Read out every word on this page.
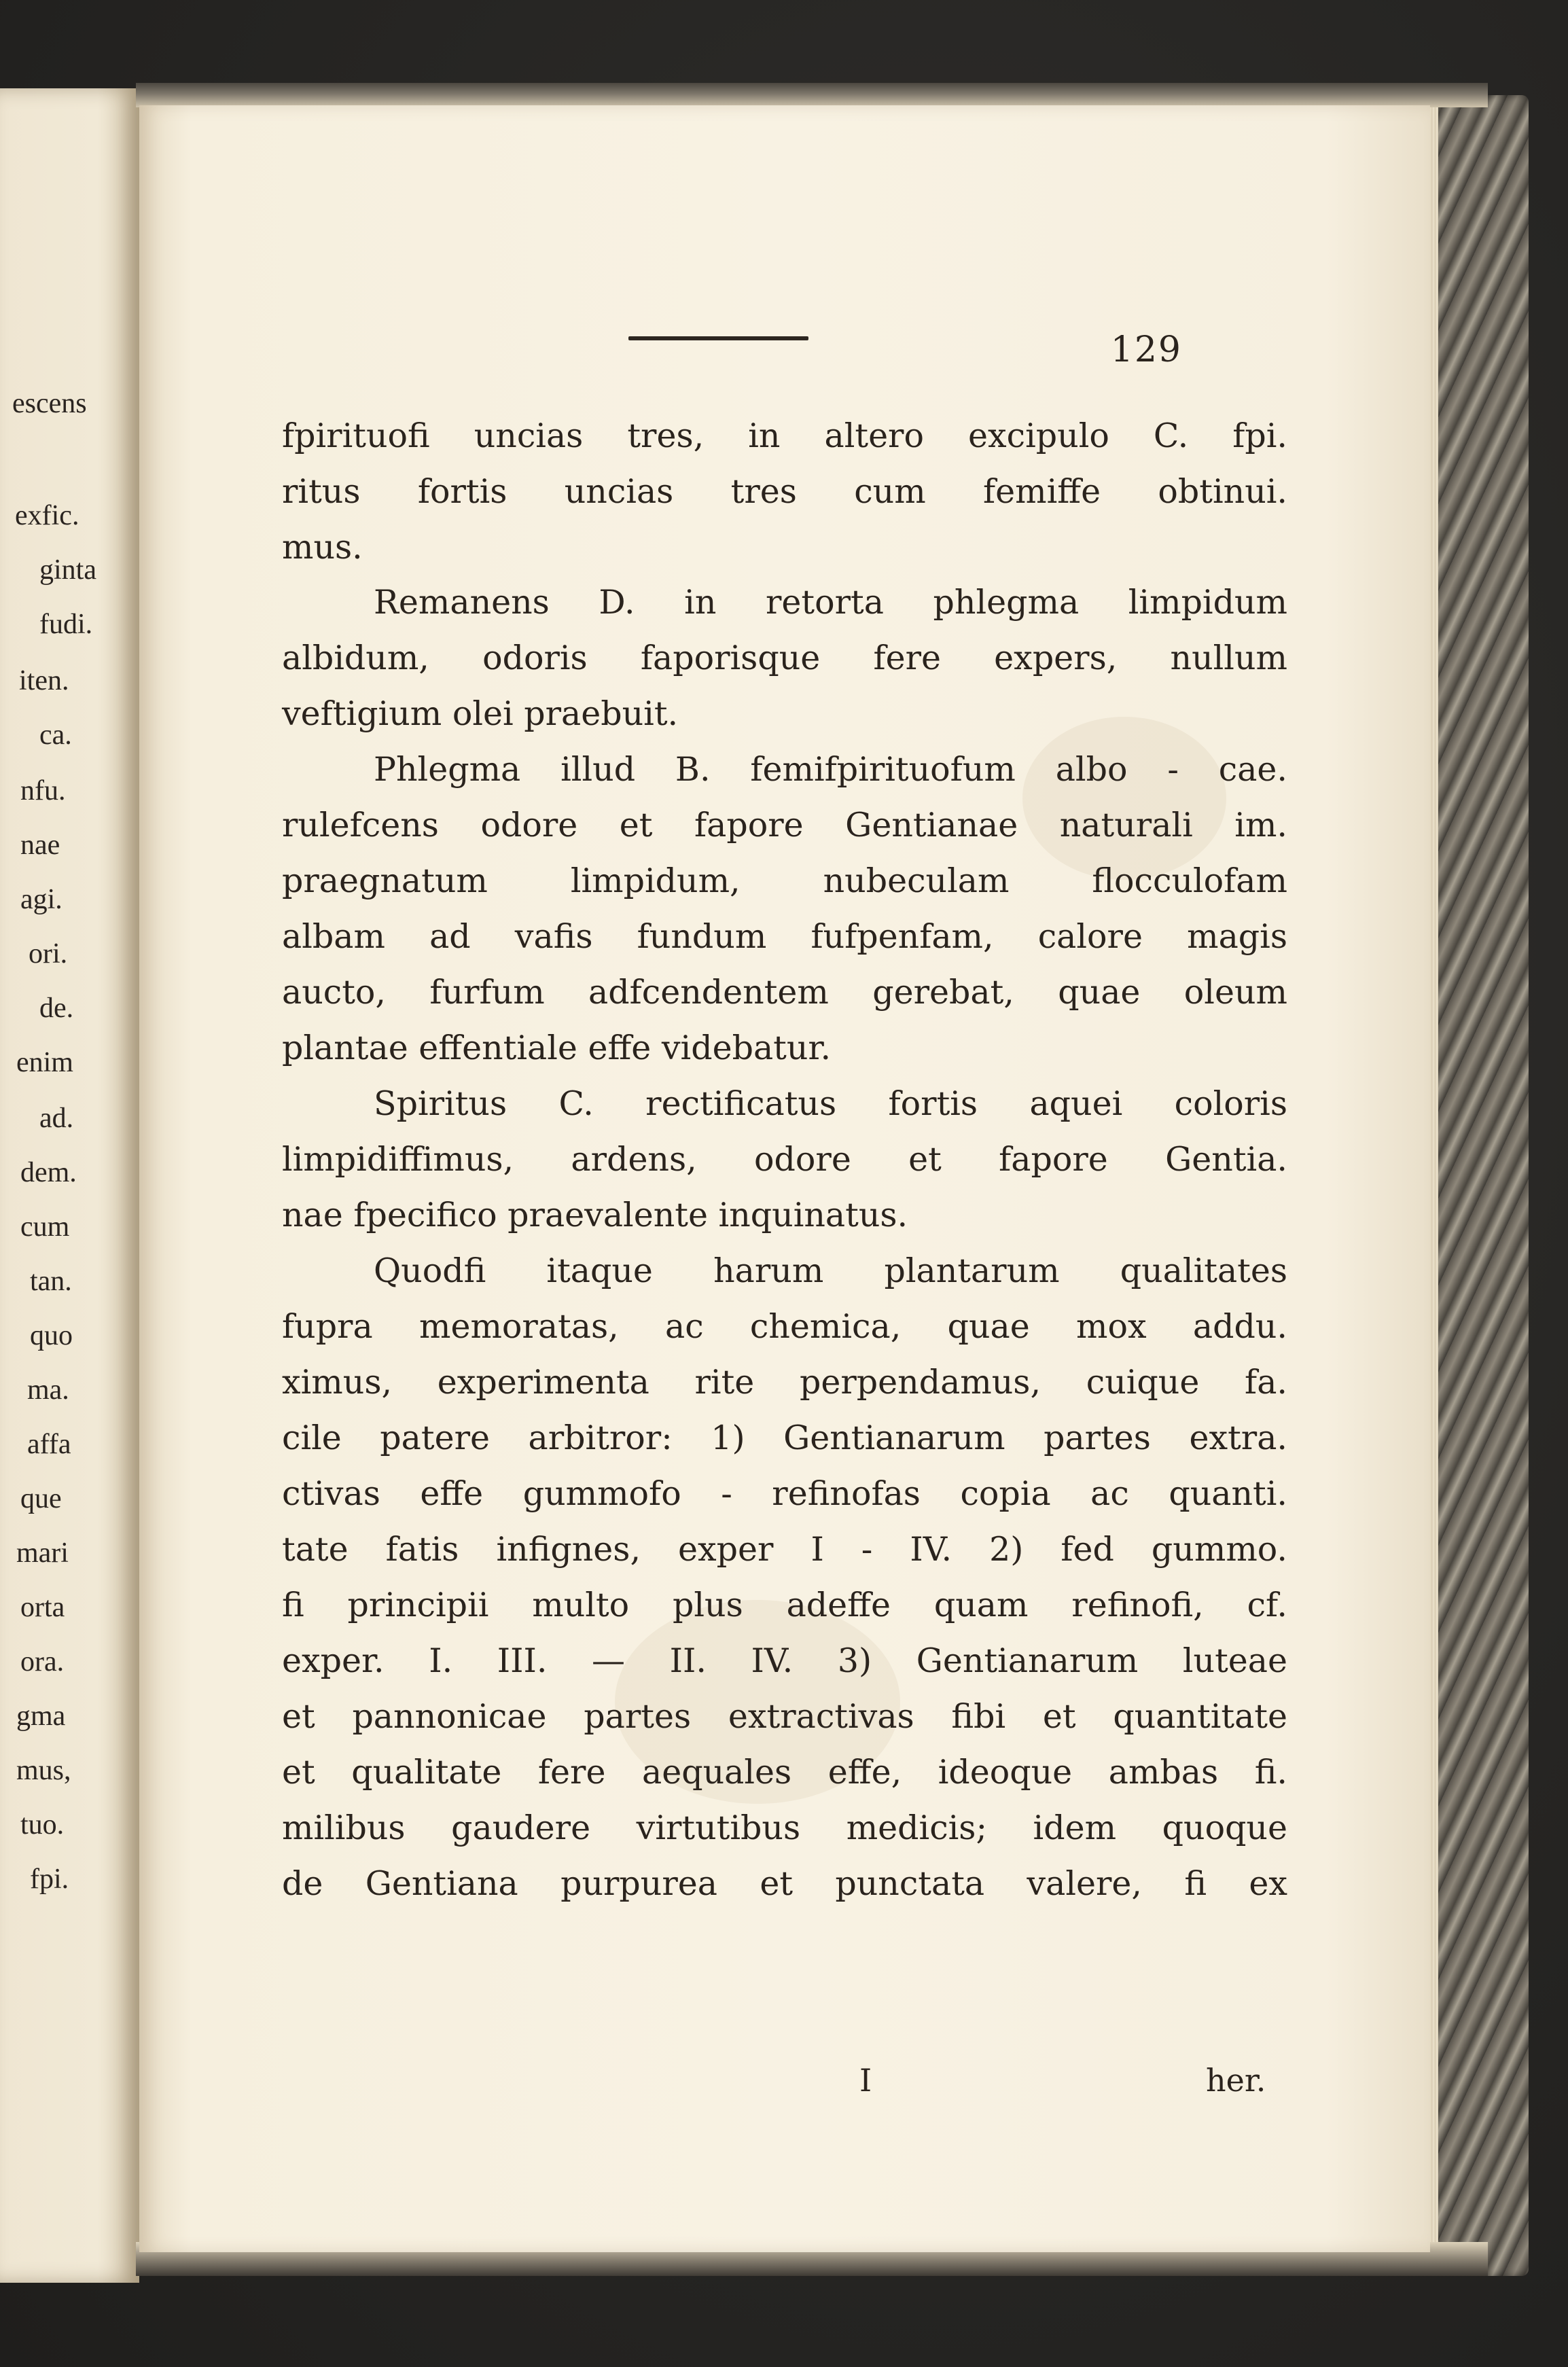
escens
exfic.
ginta
fudi.
iten.
ca.
nfu.
nae
agi.
ori.
de.
enim
ad.
dem.
cum
tan.
quo
ma.
affa
que
mari
orta
ora.
gma
mus,
tuo.
fpi.
129
fpirituofi uncias tres, in altero excipulo C. fpi.
ritus fortis uncias tres cum femiffe obtinui.
mus.
Remanens D. in retorta phlegma limpidum
albidum, odoris faporisque fere expers, nullum
veftigium olei praebuit.
Phlegma illud B. femifpirituofum albo - cae.
rulefcens odore et fapore Gentianae naturali im.
praegnatum limpidum, nubeculam flocculofam
albam ad vafis fundum fufpenfam, calore magis
aucto, furfum adfcendentem gerebat, quae oleum
plantae effentiale effe videbatur.
Spiritus C. rectificatus fortis aquei coloris
limpidiffimus, ardens, odore et fapore Gentia.
nae fpecifico praevalente inquinatus.
Quodfi itaque harum plantarum qualitates
fupra memoratas, ac chemica, quae mox addu.
ximus, experimenta rite perpendamus, cuique fa.
cile patere arbitror: 1) Gentianarum partes extra.
ctivas effe gummofo - refinofas copia ac quanti.
tate fatis infignes, exper I - IV. 2) fed gummo.
fi principii multo plus adeffe quam refinofi, cf.
exper. I. III. — II. IV. 3) Gentianarum luteae
et pannonicae partes extractivas fibi et quantitate
et qualitate fere aequales effe, ideoque ambas fi.
milibus gaudere virtutibus medicis; idem quoque
de Gentiana purpurea et punctata valere, fi ex
I	her.
